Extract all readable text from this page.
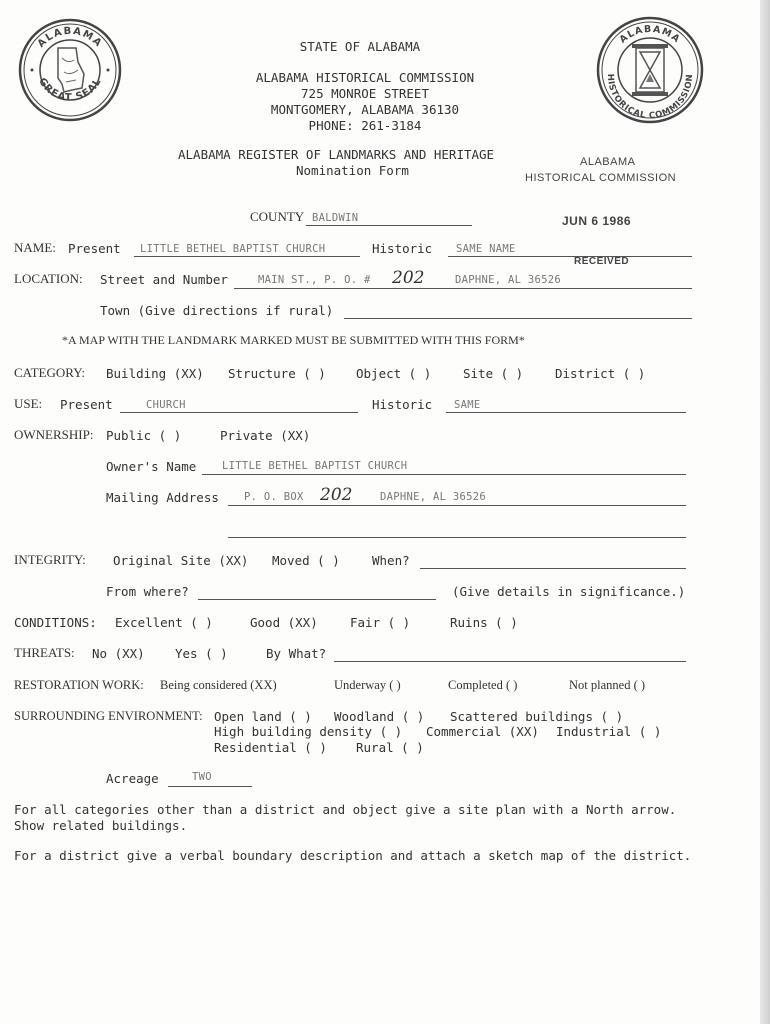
ALABAMA
GREAT SEAL
ALABAMA
HISTORICAL COMMISSION
STATE OF ALABAMA
ALABAMA HISTORICAL COMMISSION
725 MONROE STREET
MONTGOMERY, ALABAMA 36130
PHONE: 261-3184
ALABAMA REGISTER OF LANDMARKS AND HERITAGE
Nomination Form
ALABAMA
HISTORICAL COMMISSION
JUN 6 1986
RECEIVED
COUNTY BALDWIN
NAME: Present LITTLE BETHEL BAPTIST CHURCH	Historic SAME NAME
LOCATION: Street and Number	MAIN ST., P. O. # 202	DAPHNE, AL 36526
Town (Give directions if rural)
*A MAP WITH THE LANDMARK MARKED MUST BE SUBMITTED WITH THIS FORM*
CATEGORY: Building (XX) Structure ( ) Object ( )	Site ( )	District ( )
USE: Present	CHURCH	Historic SAME
OWNERSHIP: Public ( )	Private (XX)
Owner's Name LITTLE BETHEL BAPTIST CHURCH
Mailing Address P. O. BOX 202	DAPHNE, AL 36526
INTEGRITY: Original Site (XX) Moved ( )	When?
From where?	(Give details in significance.)
CONDITIONS: Excellent ( )	Good (XX)	Fair ( )	Ruins ( )
THREATS: No (XX) Yes ( )	By What?
RESTORATION WORK: Being considered (XX)	Underway ( )	Completed ( )	Not planned ( )
SURROUNDING ENVIRONMENT: Open land ( ) Woodland ( ) Scattered buildings ( )
High building density ( ) Commercial (XX) Industrial ( )
Residential ( ) Rural ( )
Acreage	TWO
For all categories other than a district and object give a site plan with a North arrow.
Show related buildings.
For a district give a verbal boundary description and attach a sketch map of the district.
